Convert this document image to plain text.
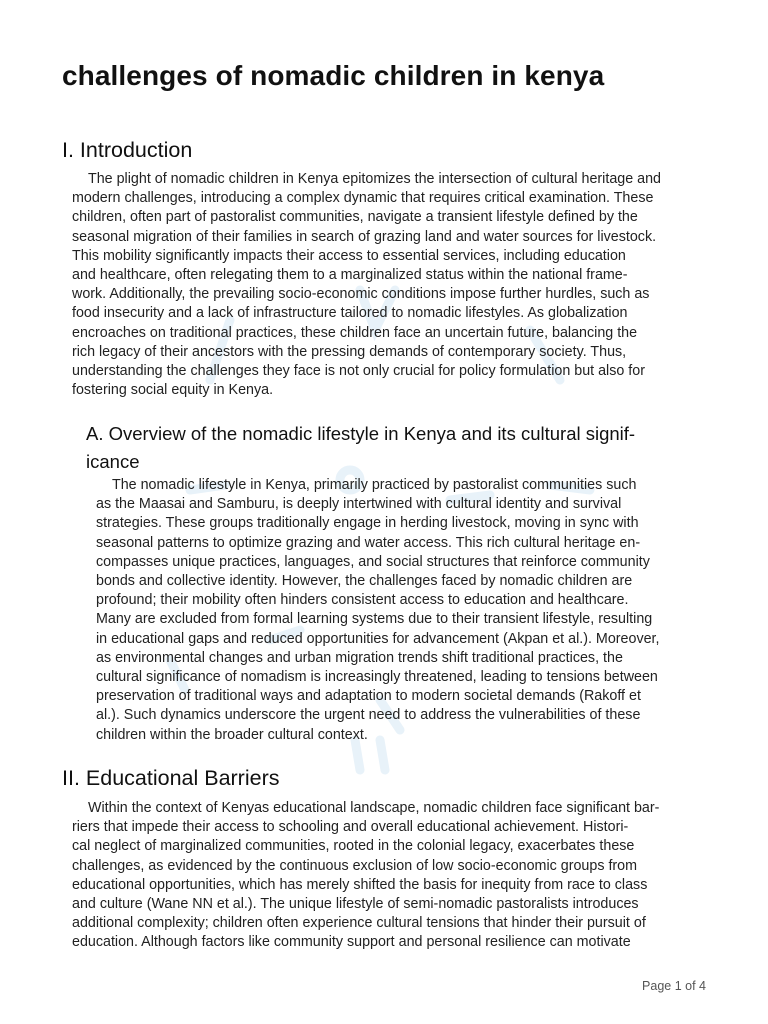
challenges of nomadic children in kenya
I. Introduction
The plight of nomadic children in Kenya epitomizes the intersection of cultural heritage and
modern challenges, introducing a complex dynamic that requires critical examination. These
children, often part of pastoralist communities, navigate a transient lifestyle defined by the
seasonal migration of their families in search of grazing land and water sources for livestock.
This mobility significantly impacts their access to essential services, including education
and healthcare, often relegating them to a marginalized status within the national frame-
work. Additionally, the prevailing socio-economic conditions impose further hurdles, such as
food insecurity and a lack of infrastructure tailored to nomadic lifestyles. As globalization
encroaches on traditional practices, these children face an uncertain future, balancing the
rich legacy of their ancestors with the pressing demands of contemporary society. Thus,
understanding the challenges they face is not only crucial for policy formulation but also for
fostering social equity in Kenya.
A. Overview of the nomadic lifestyle in Kenya and its cultural signif-
icance
The nomadic lifestyle in Kenya, primarily practiced by pastoralist communities such
as the Maasai and Samburu, is deeply intertwined with cultural identity and survival
strategies. These groups traditionally engage in herding livestock, moving in sync with
seasonal patterns to optimize grazing and water access. This rich cultural heritage en-
compasses unique practices, languages, and social structures that reinforce community
bonds and collective identity. However, the challenges faced by nomadic children are
profound; their mobility often hinders consistent access to education and healthcare.
Many are excluded from formal learning systems due to their transient lifestyle, resulting
in educational gaps and reduced opportunities for advancement (Akpan et al.). Moreover,
as environmental changes and urban migration trends shift traditional practices, the
cultural significance of nomadism is increasingly threatened, leading to tensions between
preservation of traditional ways and adaptation to modern societal demands (Rakoff et
al.). Such dynamics underscore the urgent need to address the vulnerabilities of these
children within the broader cultural context.
II. Educational Barriers
Within the context of Kenyas educational landscape, nomadic children face significant bar-
riers that impede their access to schooling and overall educational achievement. Histori-
cal neglect of marginalized communities, rooted in the colonial legacy, exacerbates these
challenges, as evidenced by the continuous exclusion of low socio-economic groups from
educational opportunities, which has merely shifted the basis for inequity from race to class
and culture (Wane NN et al.). The unique lifestyle of semi-nomadic pastoralists introduces
additional complexity; children often experience cultural tensions that hinder their pursuit of
education. Although factors like community support and personal resilience can motivate
Page 1 of 4
